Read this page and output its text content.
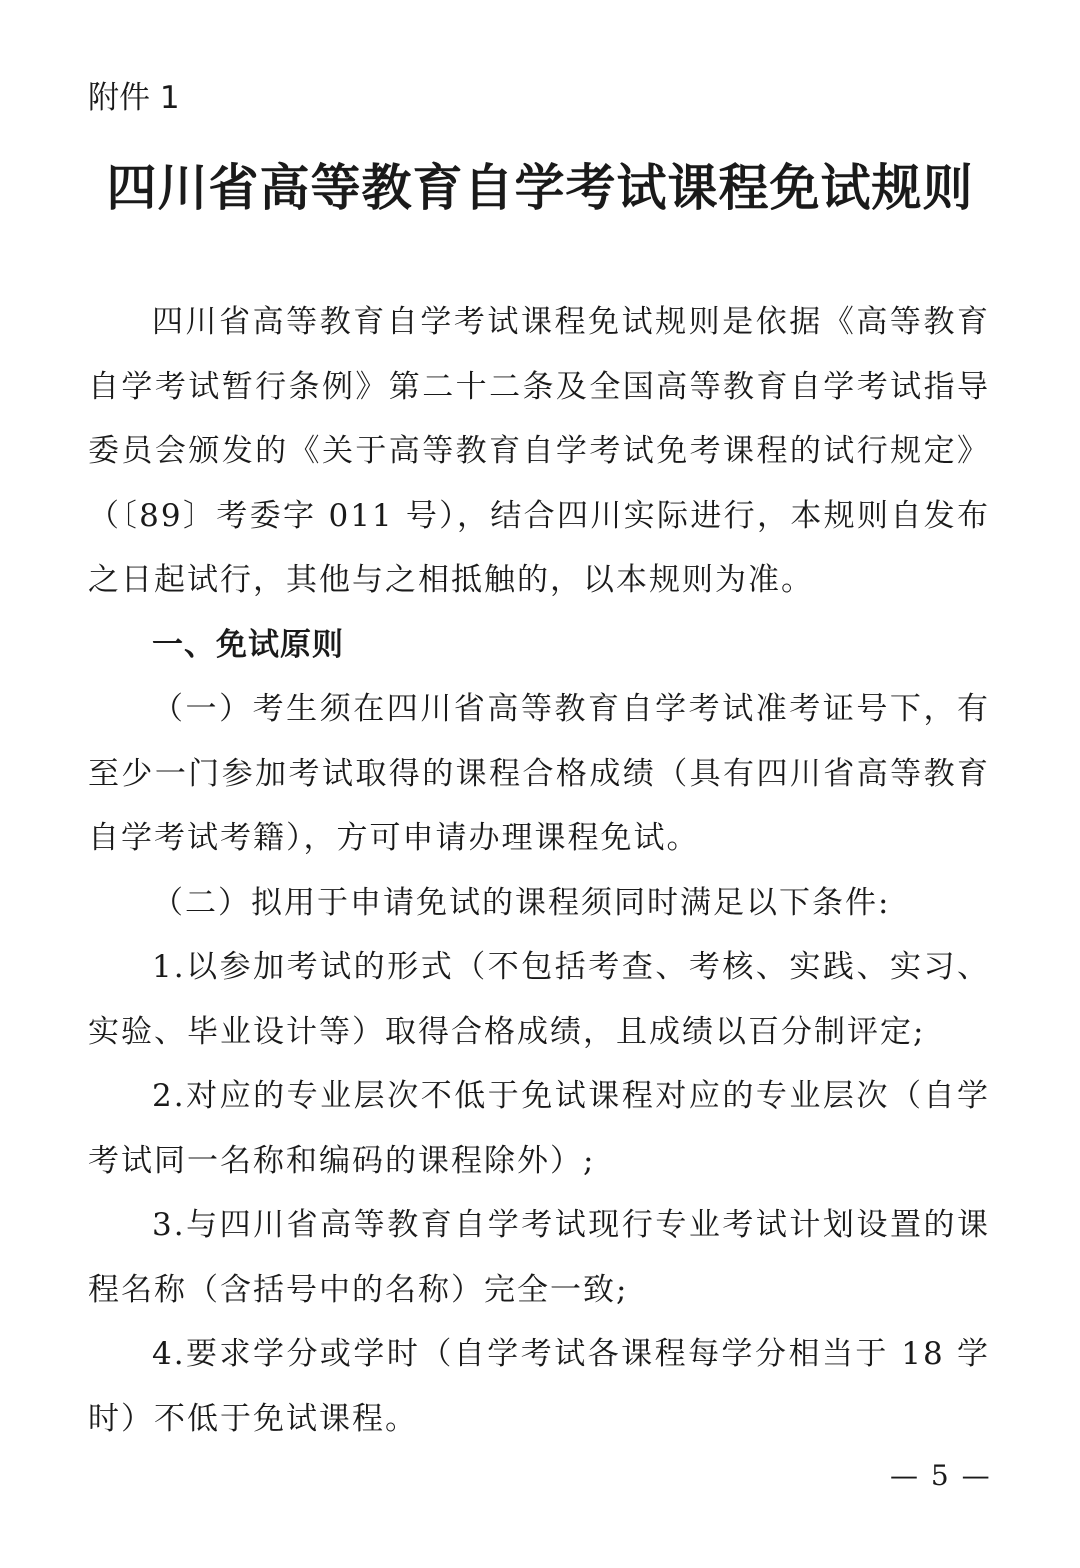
附件 1
四川省高等教育自学考试课程免试规则

四川省高等教育自学考试课程免试规则是依据《高等教育自学考试暂行条例》第二十二条及全国高等教育自学考试指导委员会颁发的《关于高等教育自学考试免考课程的试行规定》（〔89〕考委字 011 号），结合四川实际进行，本规则自发布之日起试行，其他与之相抵触的，以本规则为准。

一、免试原则

（一）考生须在四川省高等教育自学考试准考证号下，有至少一门参加考试取得的课程合格成绩（具有四川省高等教育自学考试考籍），方可申请办理课程免试。

（二）拟用于申请免试的课程须同时满足以下条件:

1.以参加考试的形式（不包括考查、考核、实践、实习、实验、毕业设计等）取得合格成绩，且成绩以百分制评定;

2.对应的专业层次不低于免试课程对应的专业层次（自学考试同一名称和编码的课程除外）;

3.与四川省高等教育自学考试现行专业考试计划设置的课程名称（含括号中的名称）完全一致;

4.要求学分或学时（自学考试各课程每学分相当于 18 学时）不低于免试课程。

— 5 —
